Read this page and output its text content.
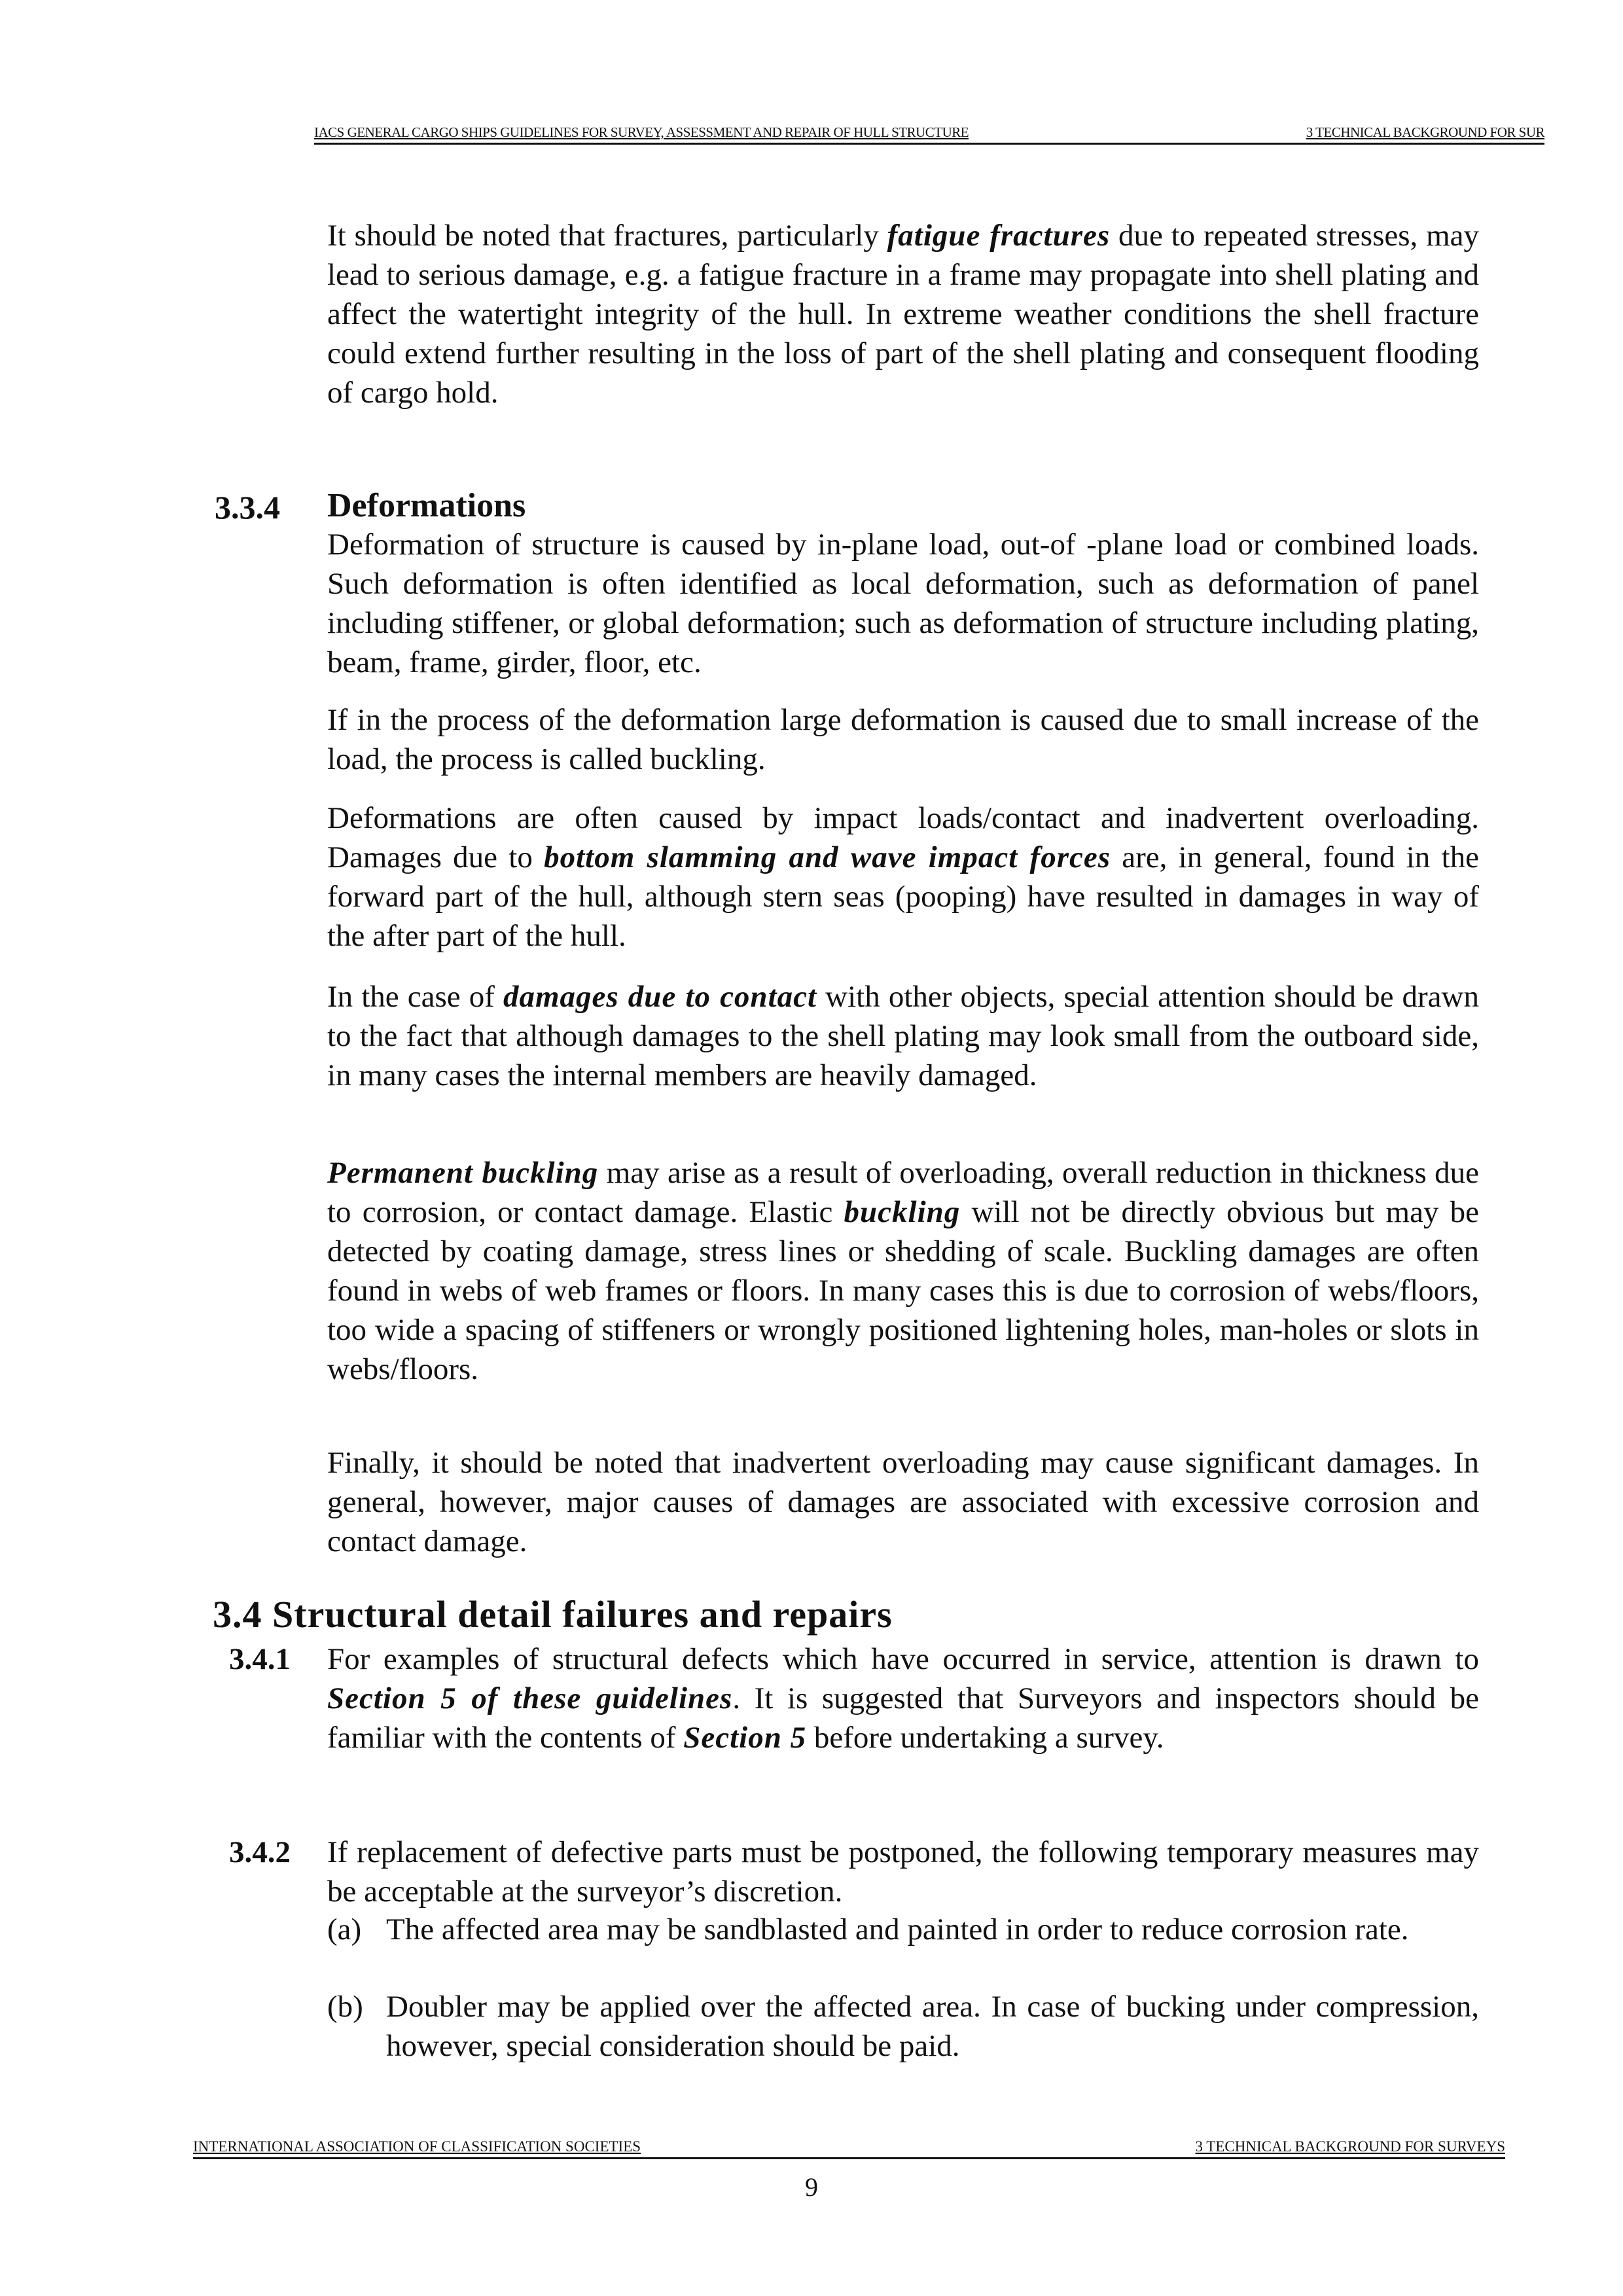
IACS GENERAL CARGO SHIPS GUIDELINES FOR SURVEY, ASSESSMENT AND REPAIR OF HULL STRUCTURE	3 TECHNICAL BACKGROUND FOR SUR

It should be noted that fractures, particularly fatigue fractures due to repeated stresses, may lead to serious damage, e.g. a fatigue fracture in a frame may propagate into shell plating and affect the watertight integrity of the hull. In extreme weather conditions the shell fracture could extend further resulting in the loss of part of the shell plating and consequent flooding of cargo hold.

3.3.4 Deformations

Deformation of structure is caused by in-plane load, out-of -plane load or combined loads. Such deformation is often identified as local deformation, such as deformation of panel including stiffener, or global deformation; such as deformation of structure including plating, beam, frame, girder, floor, etc.

If in the process of the deformation large deformation is caused due to small increase of the load, the process is called buckling.

Deformations are often caused by impact loads/contact and inadvertent overloading. Damages due to bottom slamming and wave impact forces are, in general, found in the forward part of the hull, although stern seas (pooping) have resulted in damages in way of the after part of the hull.

In the case of damages due to contact with other objects, special attention should be drawn to the fact that although damages to the shell plating may look small from the outboard side, in many cases the internal members are heavily damaged.

Permanent buckling may arise as a result of overloading, overall reduction in thickness due to corrosion, or contact damage. Elastic buckling will not be directly obvious but may be detected by coating damage, stress lines or shedding of scale. Buckling damages are often found in webs of web frames or floors. In many cases this is due to corrosion of webs/floors, too wide a spacing of stiffeners or wrongly positioned lightening holes, man-holes or slots in webs/floors.

Finally, it should be noted that inadvertent overloading may cause significant damages. In general, however, major causes of damages are associated with excessive corrosion and contact damage.

3.4 Structural detail failures and repairs
3.4.1 For examples of structural defects which have occurred in service, attention is drawn to Section 5 of these guidelines. It is suggested that Surveyors and inspectors should be familiar with the contents of Section 5 before undertaking a survey.

3.4.2 If replacement of defective parts must be postponed, the following temporary measures may be acceptable at the surveyor’s discretion.

(a) The affected area may be sandblasted and painted in order to reduce corrosion rate.

(b) Doubler may be applied over the affected area. In case of bucking under compression, however, special consideration should be paid.

INTERNATIONAL ASSOCIATION OF CLASSIFICATION SOCIETIES	3 TECHNICAL BACKGROUND FOR SURVEYS
9
